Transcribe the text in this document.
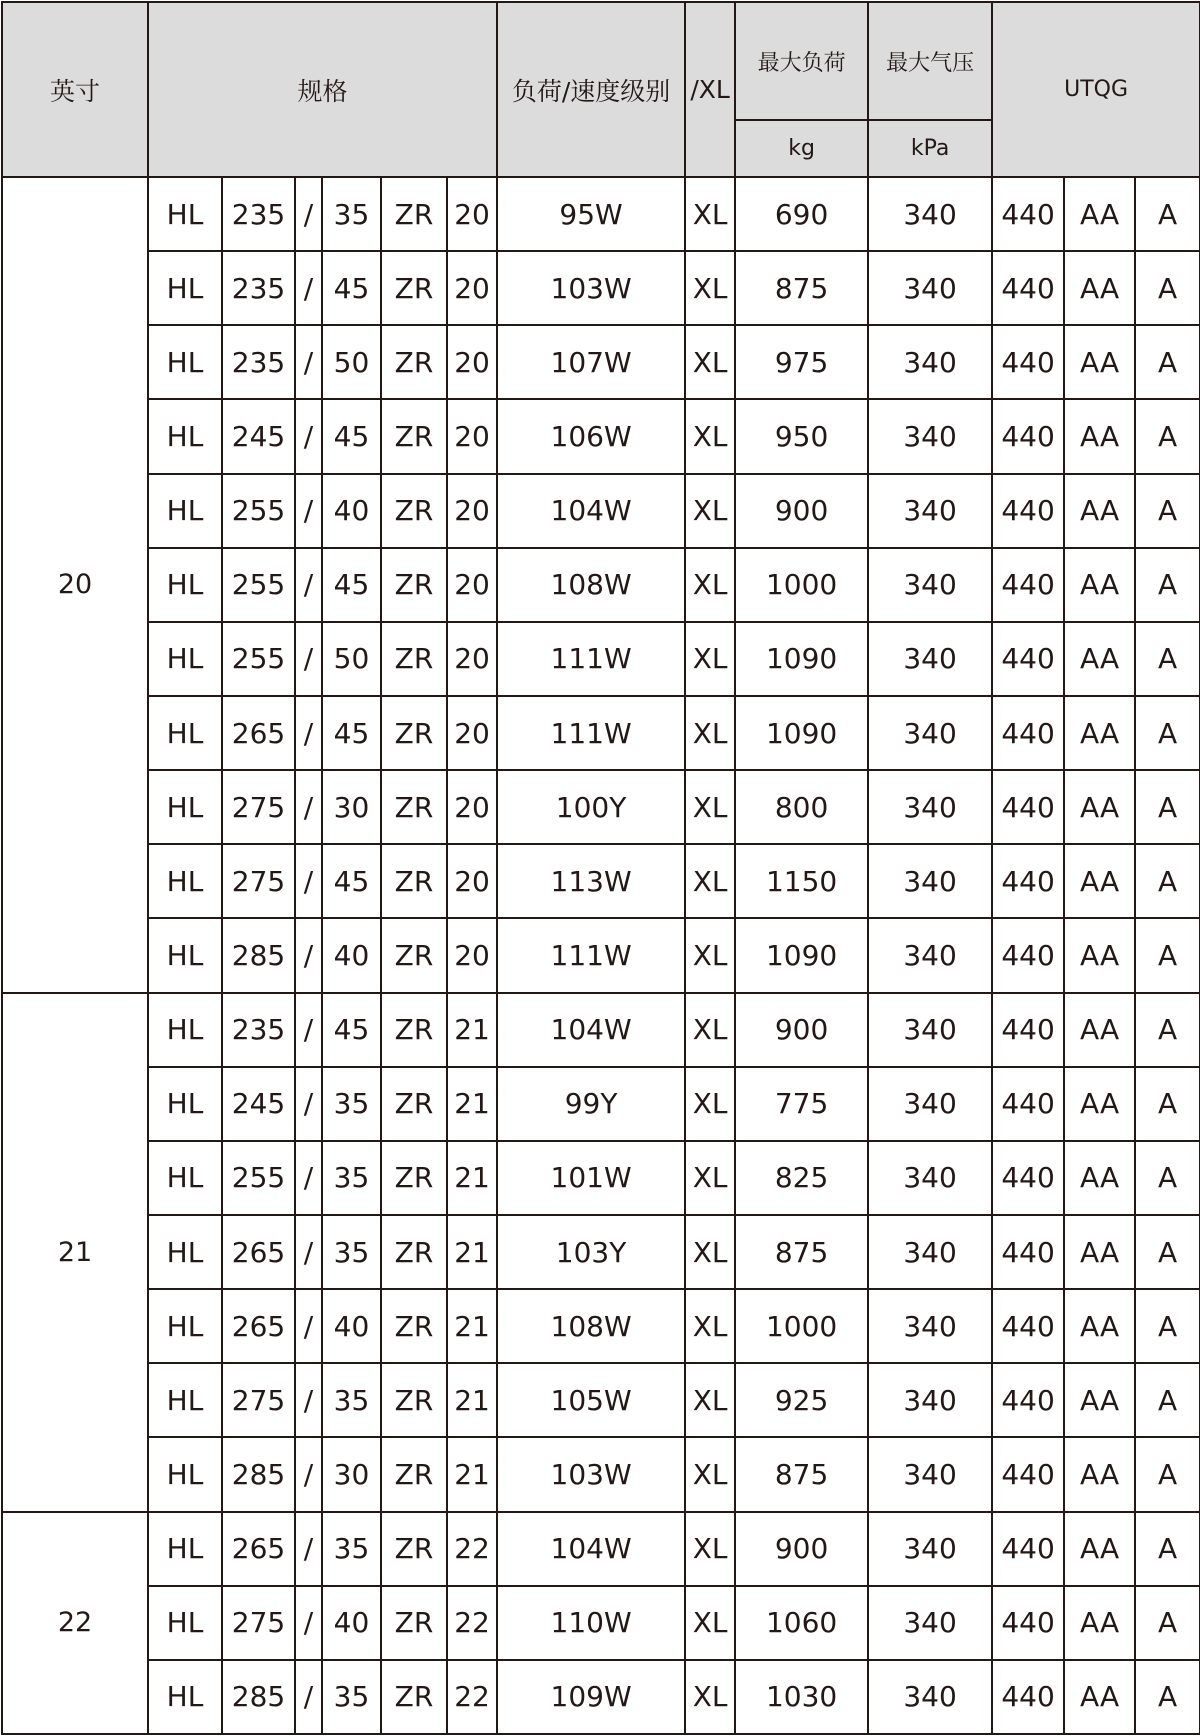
英寸	规格						负荷/速度级别	/XL	最大负荷	最大气压	UTQG		
									kg	kPa			
20	HL	235	/	35	ZR	20	95W	XL	690	340	440	AA	A
	HL	235	/	45	ZR	20	103W	XL	875	340	440	AA	A
	HL	235	/	50	ZR	20	107W	XL	975	340	440	AA	A
	HL	245	/	45	ZR	20	106W	XL	950	340	440	AA	A
	HL	255	/	40	ZR	20	104W	XL	900	340	440	AA	A
	HL	255	/	45	ZR	20	108W	XL	1000	340	440	AA	A
	HL	255	/	50	ZR	20	111W	XL	1090	340	440	AA	A
	HL	265	/	45	ZR	20	111W	XL	1090	340	440	AA	A
	HL	275	/	30	ZR	20	100Y	XL	800	340	440	AA	A
	HL	275	/	45	ZR	20	113W	XL	1150	340	440	AA	A
	HL	285	/	40	ZR	20	111W	XL	1090	340	440	AA	A
21	HL	235	/	45	ZR	21	104W	XL	900	340	440	AA	A
	HL	245	/	35	ZR	21	99Y	XL	775	340	440	AA	A
	HL	255	/	35	ZR	21	101W	XL	825	340	440	AA	A
	HL	265	/	35	ZR	21	103Y	XL	875	340	440	AA	A
	HL	265	/	40	ZR	21	108W	XL	1000	340	440	AA	A
	HL	275	/	35	ZR	21	105W	XL	925	340	440	AA	A
	HL	285	/	30	ZR	21	103W	XL	875	340	440	AA	A
22	HL	265	/	35	ZR	22	104W	XL	900	340	440	AA	A
	HL	275	/	40	ZR	22	110W	XL	1060	340	440	AA	A
	HL	285	/	35	ZR	22	109W	XL	1030	340	440	AA	A
